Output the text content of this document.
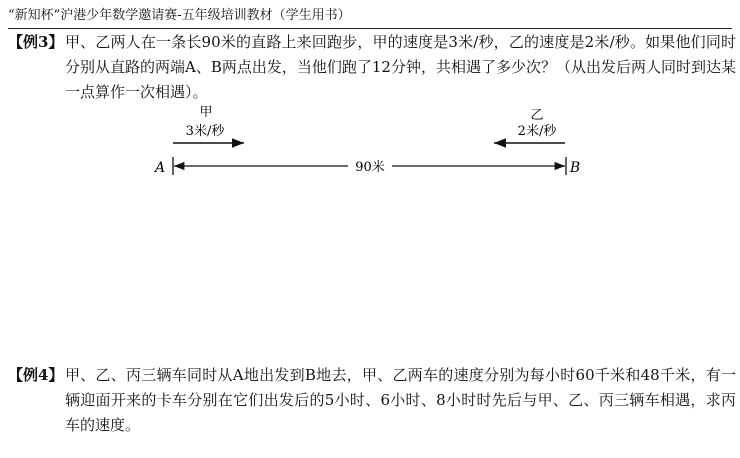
“新知杯”沪港少年数学邀请赛-五年级培训教材（学生用书）
【例3】 甲、乙两人在一条长90米的直路上来回跑步，甲的速度是3米/秒，乙的速度是2米/秒。如果他们同时分别从直路的两端A、B两点出发，当他们跑了12分钟，共相遇了多少次？（从出发后两人同时到达某一点算作一次相遇）。
甲
3米/秒
乙
2米/秒
A	B
90米
【例4】 甲、乙、丙三辆车同时从A地出发到B地去，甲、乙两车的速度分别为每小时60千米和48千米，有一辆迎面开来的卡车分别在它们出发后的5小时、6小时、8小时时先后与甲、乙、丙三辆车相遇，求丙车的速度。
